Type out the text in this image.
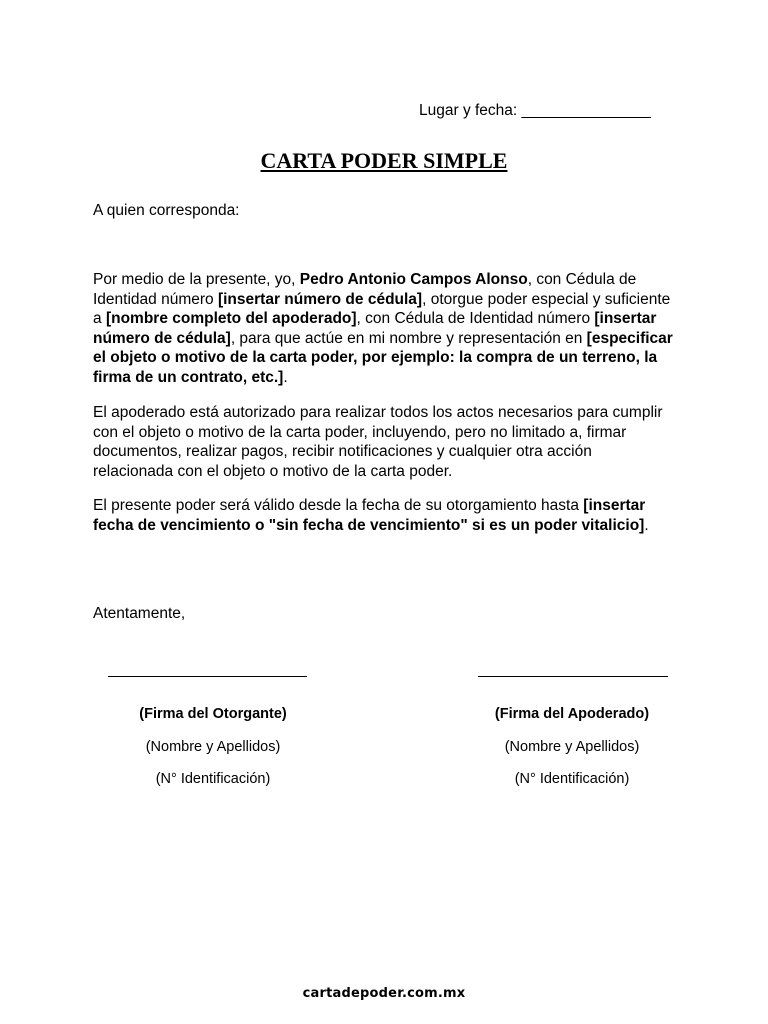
Lugar y fecha: _______________
CARTA PODER SIMPLE
A quien corresponda:
Por medio de la presente, yo, Pedro Antonio Campos Alonso, con Cédula de Identidad número [insertar número de cédula], otorgue poder especial y suficiente a [nombre completo del apoderado], con Cédula de Identidad número [insertar número de cédula], para que actúe en mi nombre y representación en [especificar el objeto o motivo de la carta poder, por ejemplo: la compra de un terreno, la firma de un contrato, etc.].
El apoderado está autorizado para realizar todos los actos necesarios para cumplir con el objeto o motivo de la carta poder, incluyendo, pero no limitado a, firmar documentos, realizar pagos, recibir notificaciones y cualquier otra acción relacionada con el objeto o motivo de la carta poder.
El presente poder será válido desde la fecha de su otorgamiento hasta [insertar fecha de vencimiento o "sin fecha de vencimiento" si es un poder vitalicio].
Atentamente,
(Firma del Otorgante)
(Nombre y Apellidos)
(N° Identificación)
(Firma del Apoderado)
(Nombre y Apellidos)
(N° Identificación)
cartadepoder.com.mx
